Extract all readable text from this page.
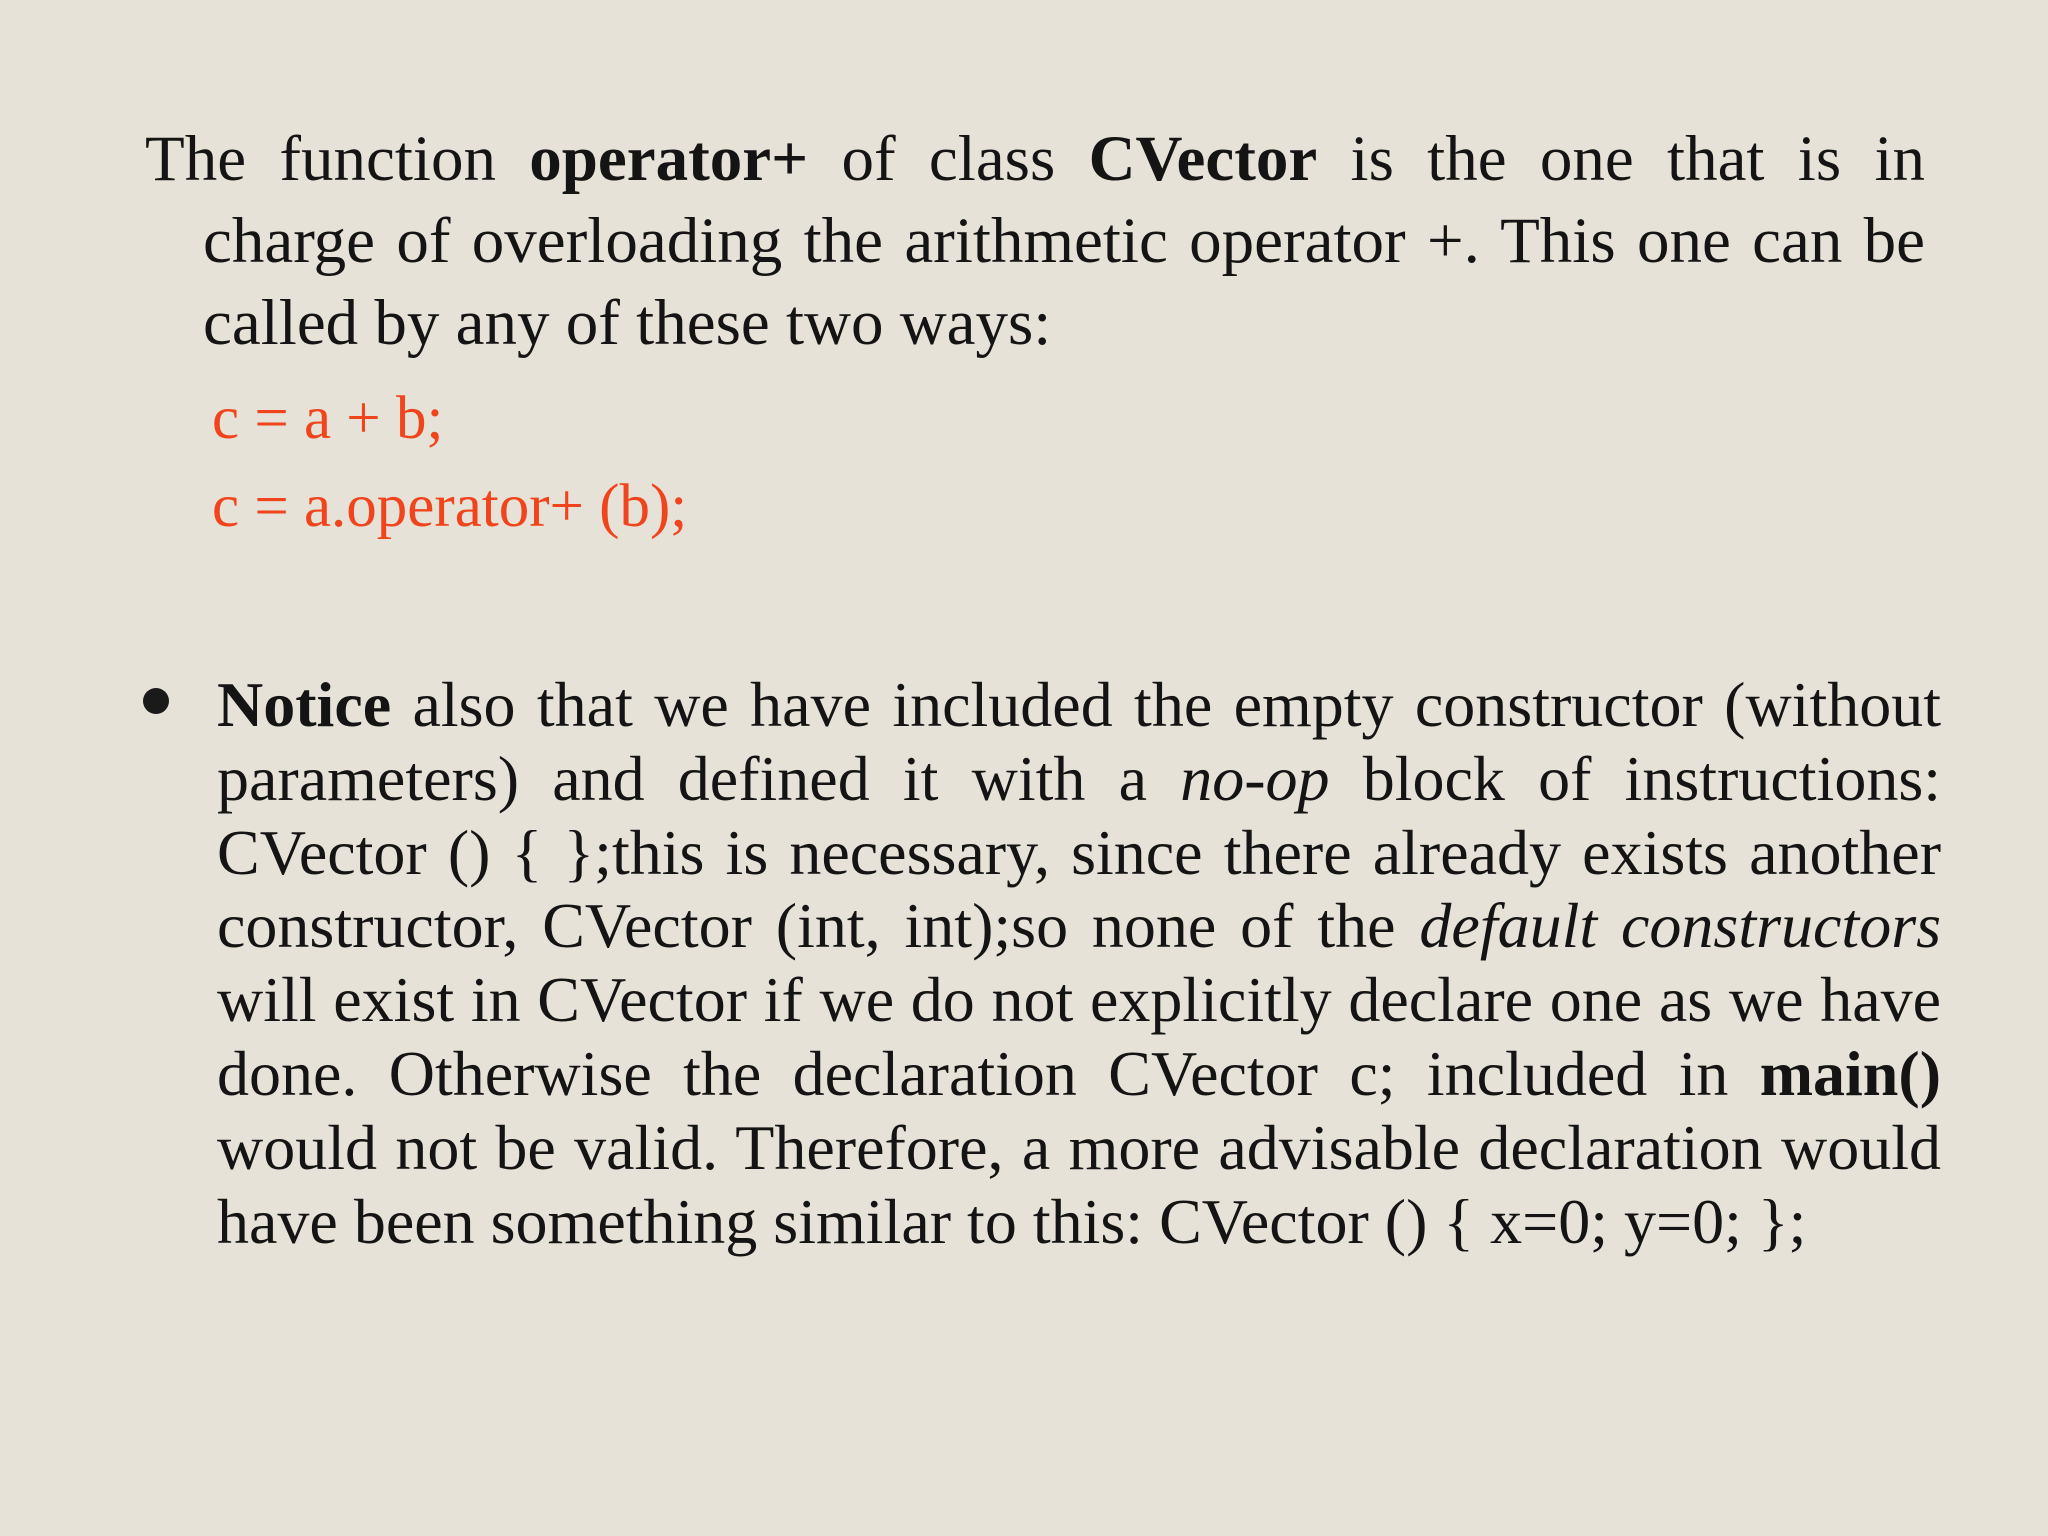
The function operator+ of class CVector is the one that is in charge of overloading the arithmetic operator +. This one can be called by any of these two ways:

c = a + b;
c = a.operator+ (b);

Notice also that we have included the empty constructor (without parameters) and defined it with a no-op block of instructions: CVector () { };this is necessary, since there already exists another constructor, CVector (int, int);so none of the default constructors will exist in CVector if we do not explicitly declare one as we have done. Otherwise the declaration CVector c; included in main() would not be valid. Therefore, a more advisable declaration would have been something similar to this: CVector () { x=0; y=0; };
